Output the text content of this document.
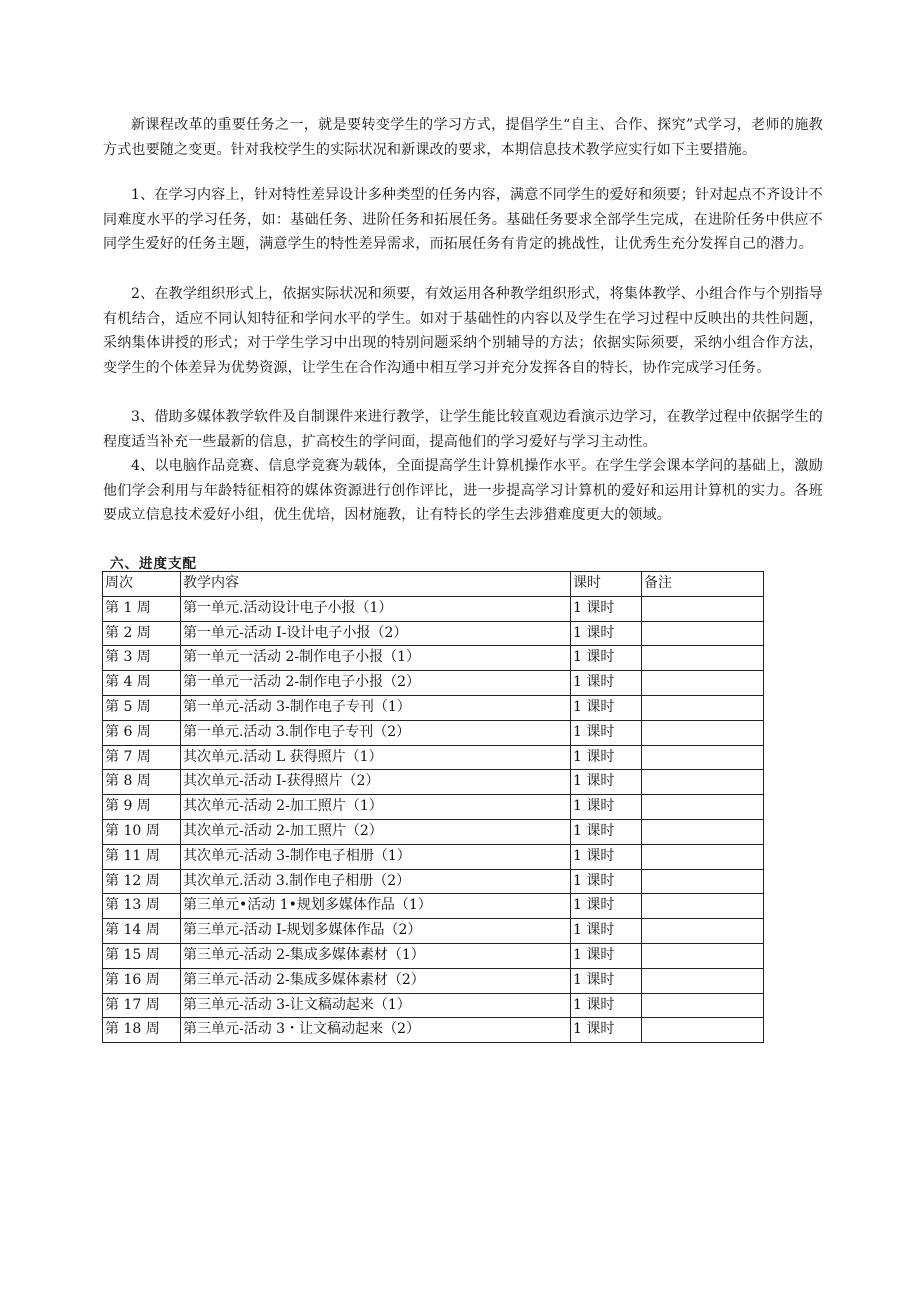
新课程改革的重要任务之一，就是要转变学生的学习方式，提倡学生“自主、合作、探究”式学习，老师的施教方式也要随之变更。针对我校学生的实际状况和新课改的要求，本期信息技术教学应实行如下主要措施。

1、在学习内容上，针对特性差异设计多种类型的任务内容，满意不同学生的爱好和须要；针对起点不齐设计不同难度水平的学习任务，如：基础任务、进阶任务和拓展任务。基础任务要求全部学生完成，在进阶任务中供应不同学生爱好的任务主题，满意学生的特性差异需求，而拓展任务有肯定的挑战性，让优秀生充分发挥自己的潜力。

2、在教学组织形式上，依据实际状况和须要，有效运用各种教学组织形式，将集体教学、小组合作与个别指导有机结合，适应不同认知特征和学问水平的学生。如对于基础性的内容以及学生在学习过程中反映出的共性问题，采纳集体讲授的形式；对于学生学习中出现的特别问题采纳个别辅导的方法；依据实际须要，采纳小组合作方法，变学生的个体差异为优势资源，让学生在合作沟通中相互学习并充分发挥各自的特长，协作完成学习任务。

3、借助多媒体教学软件及自制课件来进行教学，让学生能比较直观边看演示边学习，在教学过程中依据学生的程度适当补充一些最新的信息，扩高校生的学问面，提高他们的学习爱好与学习主动性。

4、以电脑作品竞赛、信息学竞赛为载体，全面提高学生计算机操作水平。在学生学会课本学问的基础上，激励他们学会利用与年龄特征相符的媒体资源进行创作评比，进一步提高学习计算机的爱好和运用计算机的实力。各班要成立信息技术爱好小组，优生优培，因材施教，让有特长的学生去涉猎难度更大的领域。

六、进度支配
周次	教学内容	课时	备注
第 1 周	第一单元.活动设计电子小报（1）	1 课时	
第 2 周	第一单元-活动 I-设计电子小报（2）	1 课时	
第 3 周	第一单元一活动 2-制作电子小报（1）	1 课时	
第 4 周	第一单元一活动 2-制作电子小报（2）	1 课时	
第 5 周	第一单元-活动 3-制作电子专刊（1）	1 课时	
第 6 周	第一单元.活动 3.制作电子专刊（2）	1 课时	
第 7 周	其次单元.活动 L 获得照片（1）	1 课时	
第 8 周	其次单元-活动 I-获得照片（2）	1 课时	
第 9 周	其次单元-活动 2-加工照片（1）	1 课时	
第 10 周	其次单元-活动 2-加工照片（2）	1 课时	
第 11 周	其次单元-活动 3-制作电子相册（1）	1 课时	
第 12 周	其次单元.活动 3.制作电子相册（2）	1 课时	
第 13 周	第三单元•活动 1•规划多媒体作品（1）	1 课时	
第 14 周	第三单元-活动 I-规划多媒体作品（2）	1 课时	
第 15 周	第三单元-活动 2-集成多媒体素材（1）	1 课时	
第 16 周	第三单元-活动 2-集成多媒体素材（2）	1 课时	
第 17 周	第三单元-活动 3-让文稿动起来（1）	1 课时	
第 18 周	第三单元-活动 3・让文稿动起来（2）	1 课时	
